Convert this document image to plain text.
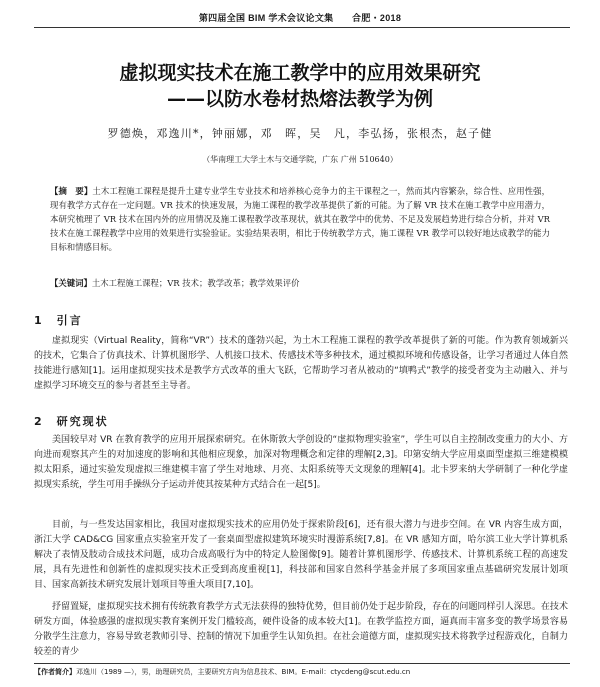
第四届全国 BIM 学术会议论文集　　合肥・2018
虚拟现实技术在施工教学中的应用效果研究
——以防水卷材热熔法教学为例
罗德焕，邓逸川*，钟丽娜，邓　晖，吴　凡，李弘扬，张根杰，赵子健
（华南理工大学土木与交通学院，广东 广州 510640）
【摘　要】土木工程施工课程是提升土建专业学生专业技术和培养核心竞争力的主干课程之一，然而其内容繁杂，综合性、应用性强，现有教学方式存在一定问题。VR 技术的快速发展，为施工课程的教学改革提供了新的可能。为了解 VR 技术在施工教学中应用潜力，本研究梳理了 VR 技术在国内外的应用情况及施工课程教学改革现状，就其在教学中的优势、不足及发展趋势进行综合分析，并对 VR 技术在施工课程教学中应用的效果进行实验验证。实验结果表明，相比于传统教学方式，施工课程 VR 教学可以较好地达成教学的能力目标和情感目标。
【关键词】土木工程施工课程；VR 技术；教学改革；教学效果评价
1　引言
虚拟现实（Virtual Reality，简称“VR”）技术的蓬勃兴起，为土木工程施工课程的教学改革提供了新的可能。作为教育领域新兴的技术，它集合了仿真技术、计算机图形学、人机接口技术、传感技术等多种技术，通过模拟环境和传感设备，让学习者通过人体自然技能进行感知[1]。运用虚拟现实技术是教学方式改革的重大飞跃，它帮助学习者从被动的“填鸭式”教学的接受者变为主动融入、并与虚拟学习环境交互的参与者甚至主导者。
2　研究现状
美国较早对 VR 在教育教学的应用开展探索研究。在休斯敦大学创设的“虚拟物理实验室”，学生可以自主控制改变重力的大小、方向进而观察其产生的对加速度的影响和其他相应现象，加深对物理概念和定律的理解[2,3]。印第安纳大学应用桌面型虚拟三维建模模拟太阳系，通过实验发现虚拟三维建模丰富了学生对地球、月亮、太阳系统等天文现象的理解[4]。北卡罗来纳大学研制了一种化学虚拟现实系统，学生可用手操纵分子运动并使其按某种方式结合在一起[5]。
目前，与一些发达国家相比，我国对虚拟现实技术的应用仍处于探索阶段[6]，还有很大潜力与进步空间。在 VR 内容生成方面，浙江大学 CAD&CG 国家重点实验室开发了一套桌面型虚拟建筑环境实时漫游系统[7,8]。在 VR 感知方面，哈尔滨工业大学计算机系解决了表情及肢动合成技术问题，成功合成高吸行为中的特定人脸图像[9]。随着计算机图形学、传感技术、计算机系统工程的高速发展，具有先进性和创新性的虚拟现实技术正受到高度重视[1]，科技部和国家自然科学基金并展了多项国家重点基础研究发展计划项目、国家高新技术研究发展计划项目等重大项目[7,10]。
抒留置疑，虚拟现实技术拥有传统教育教学方式无法获得的独特优势，但目前仍处于起步阶段，存在的问题同样引人深思。在技术研发方面，体验感强的虚拟现实教育案例开发门槛较高，硬件设备的成本较大[1]。在教学监控方面，逼真而丰富多变的教学场景容易分散学生注意力，容易导致老教师引导、控制的情况下加重学生认知负担。在社会道德方面，虚拟现实技术将教学过程游戏化，自制力较差的青少
【作者简介】邓逸川（1989 —），男，助理研究员，主要研究方向为信息技术、BIM。E-mail：ctycdeng@scut.edu.cn
